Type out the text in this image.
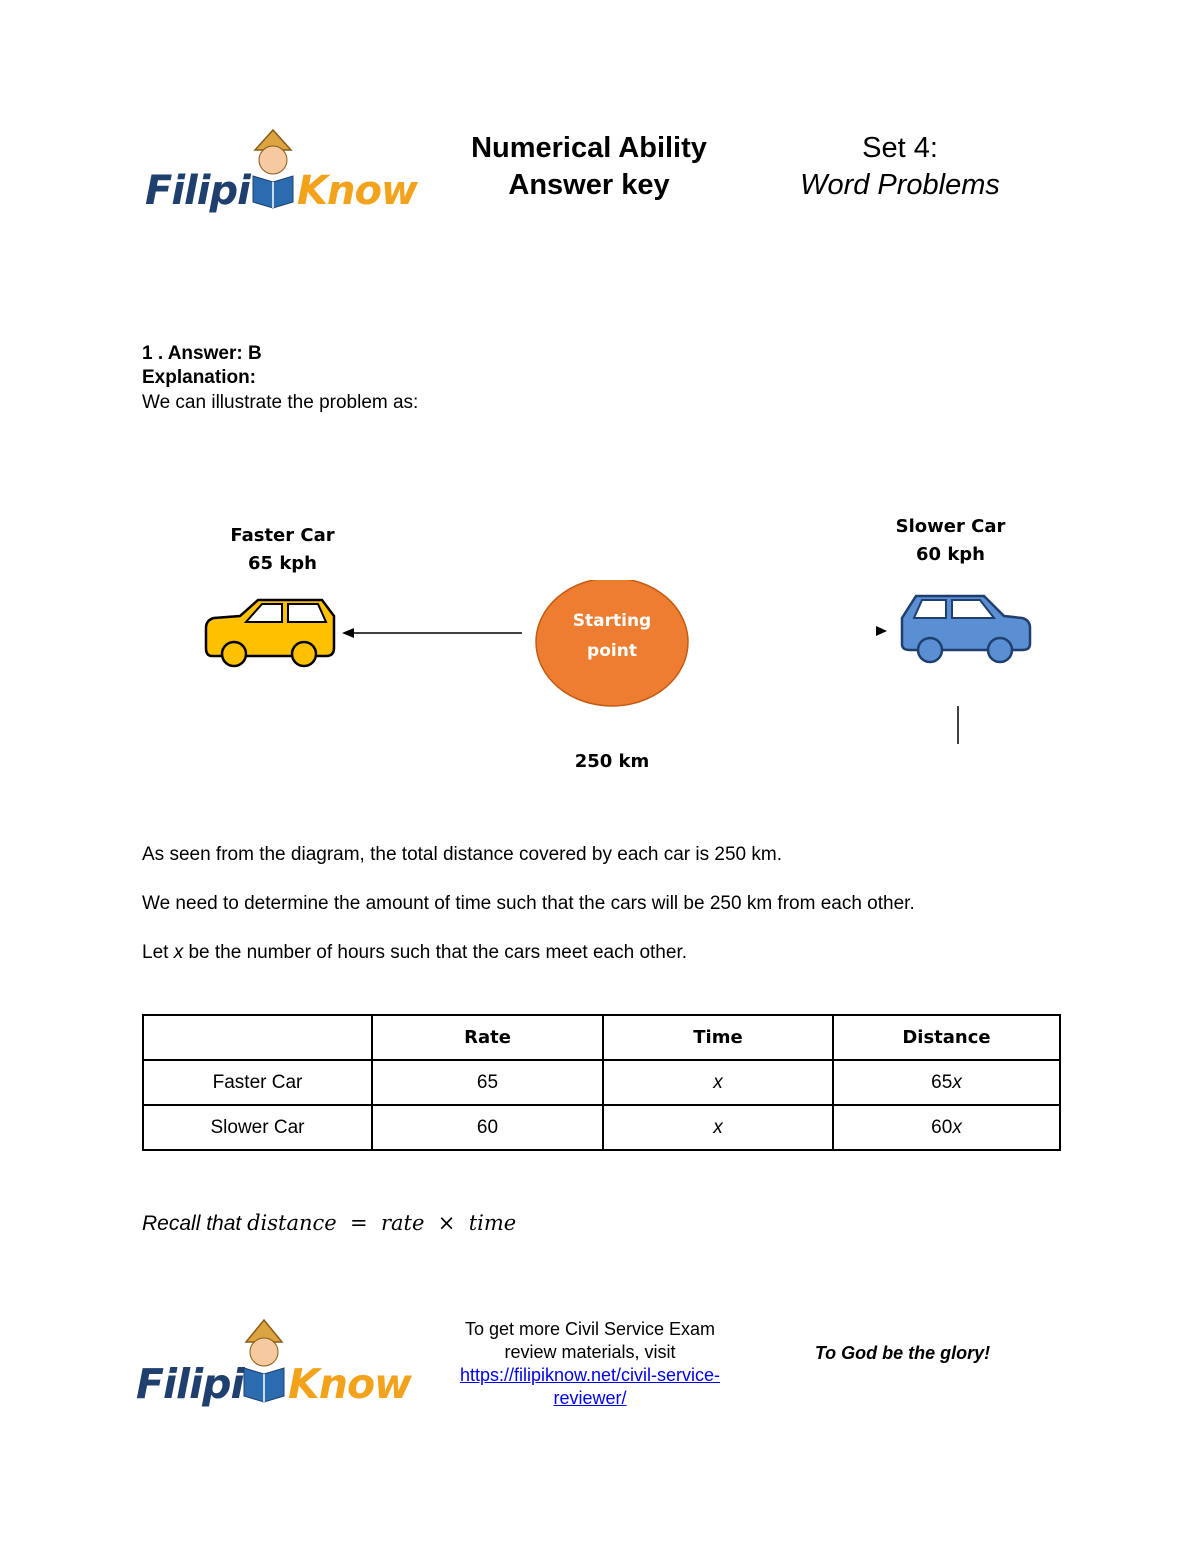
Filipi Know
Numerical Ability
Answer key
Set 4:
Word Problems
1 . Answer: B
Explanation:
We can illustrate the problem as:
Faster Car
65 kph
Slower Car
60 kph
Starting
point
250 km
As seen from the diagram, the total distance covered by each car is 250 km.
We need to determine the amount of time such that the cars will be 250 km from each other.
Let x be the number of hours such that the cars meet each other.
	Rate	Time	Distance
Faster Car	65	x	65x
Slower Car	60	x	60x
Recall that distance  =  rate  ×  time
Filipi Know
To get more Civil Service Exam
review materials, visit
https://filipiknow.net/civil-service-
reviewer/
To God be the glory!
